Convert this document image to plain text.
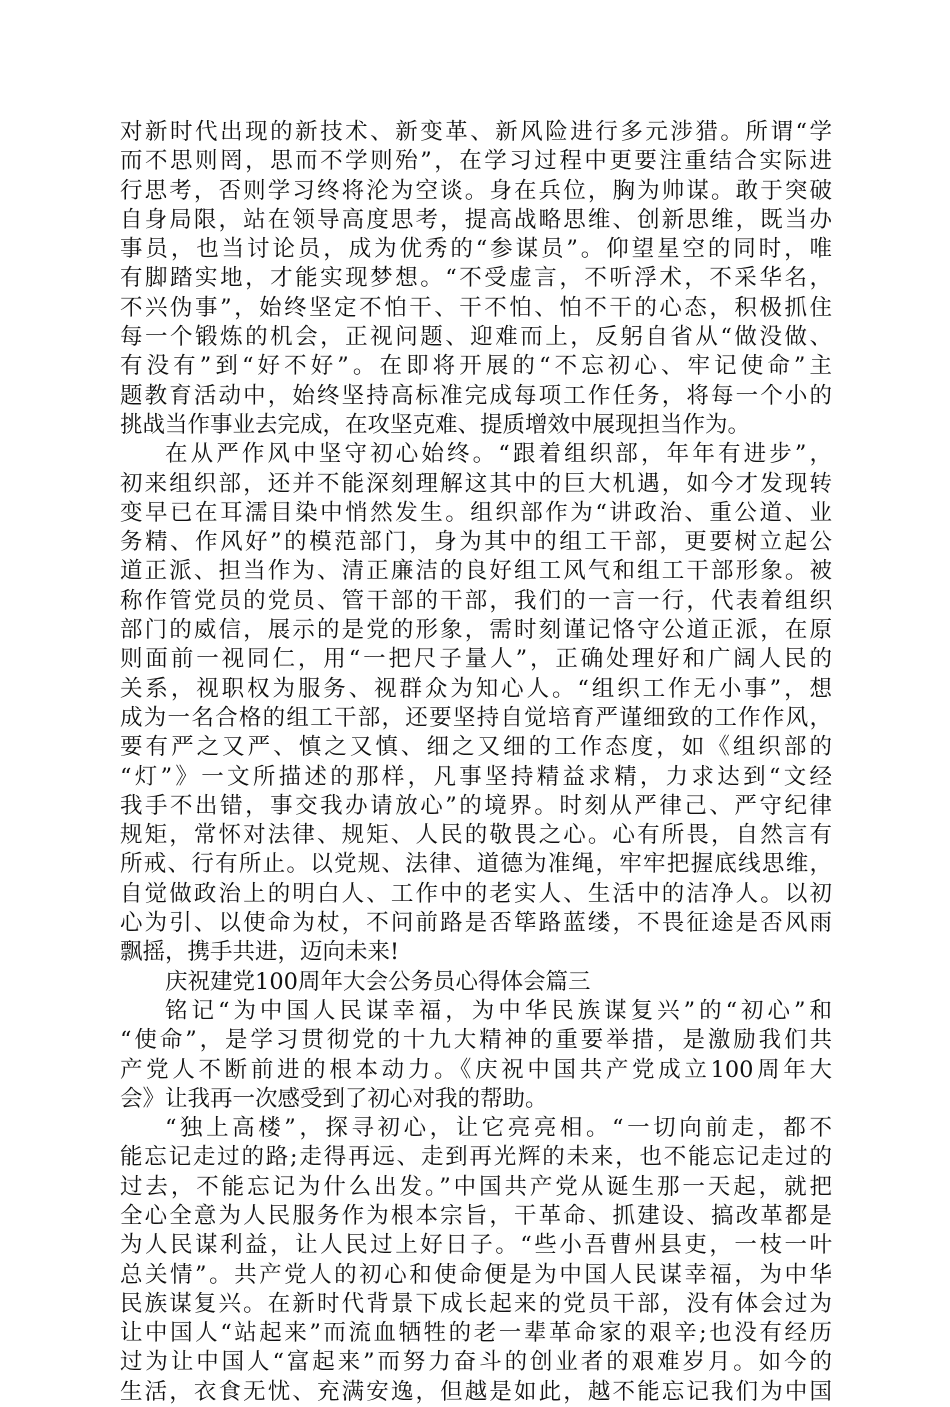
对新时代出现的新技术、新变革、新风险进行多元涉猎。所谓“学
而不思则罔，思而不学则殆”，在学习过程中更要注重结合实际进
行思考，否则学习终将沦为空谈。身在兵位，胸为帅谋。敢于突破
自身局限，站在领导高度思考，提高战略思维、创新思维，既当办
事员，也当讨论员，成为优秀的“参谋员”。仰望星空的同时，唯
有脚踏实地，才能实现梦想。“不受虚言，不听浮术，不采华名，
不兴伪事”，始终坚定不怕干、干不怕、怕不干的心态，积极抓住
每一个锻炼的机会，正视问题、迎难而上，反躬自省从“做没做、
有没有”到“好不好”。在即将开展的“不忘初心、牢记使命”主
题教育活动中，始终坚持高标准完成每项工作任务，将每一个小的
挑战当作事业去完成，在攻坚克难、提质增效中展现担当作为。
在从严作风中坚守初心始终。“跟着组织部，年年有进步”，
初来组织部，还并不能深刻理解这其中的巨大机遇，如今才发现转
变早已在耳濡目染中悄然发生。组织部作为“讲政治、重公道、业
务精、作风好”的模范部门，身为其中的组工干部，更要树立起公
道正派、担当作为、清正廉洁的良好组工风气和组工干部形象。被
称作管党员的党员、管干部的干部，我们的一言一行，代表着组织
部门的威信，展示的是党的形象，需时刻谨记恪守公道正派，在原
则面前一视同仁，用“一把尺子量人”，正确处理好和广阔人民的
关系，视职权为服务、视群众为知心人。“组织工作无小事”，想
成为一名合格的组工干部，还要坚持自觉培育严谨细致的工作作风，
要有严之又严、慎之又慎、细之又细的工作态度，如《组织部的
“灯”》一文所描述的那样，凡事坚持精益求精，力求达到“文经
我手不出错，事交我办请放心”的境界。时刻从严律己、严守纪律
规矩，常怀对法律、规矩、人民的敬畏之心。心有所畏，自然言有
所戒、行有所止。以党规、法律、道德为准绳，牢牢把握底线思维，
自觉做政治上的明白人、工作中的老实人、生活中的洁净人。以初
心为引、以使命为杖，不问前路是否筚路蓝缕，不畏征途是否风雨
飘摇，携手共进，迈向未来!
庆祝建党100周年大会公务员心得体会篇三
铭记“为中国人民谋幸福，为中华民族谋复兴”的“初心”和
“使命”，是学习贯彻党的十九大精神的重要举措，是激励我们共
产党人不断前进的根本动力。《庆祝中国共产党成立100周年大
会》让我再一次感受到了初心对我的帮助。
“独上高楼”，探寻初心，让它亮亮相。“一切向前走，都不
能忘记走过的路;走得再远、走到再光辉的未来，也不能忘记走过的
过去，不能忘记为什么出发。”中国共产党从诞生那一天起，就把
全心全意为人民服务作为根本宗旨，干革命、抓建设、搞改革都是
为人民谋利益，让人民过上好日子。“些小吾曹州县吏，一枝一叶
总关情”。共产党人的初心和使命便是为中国人民谋幸福，为中华
民族谋复兴。在新时代背景下成长起来的党员干部，没有体会过为
让中国人“站起来”而流血牺牲的老一辈革命家的艰辛;也没有经历
过为让中国人“富起来”而努力奋斗的创业者的艰难岁月。如今的
生活，衣食无忧、充满安逸，但越是如此，越不能忘记我们为中国
